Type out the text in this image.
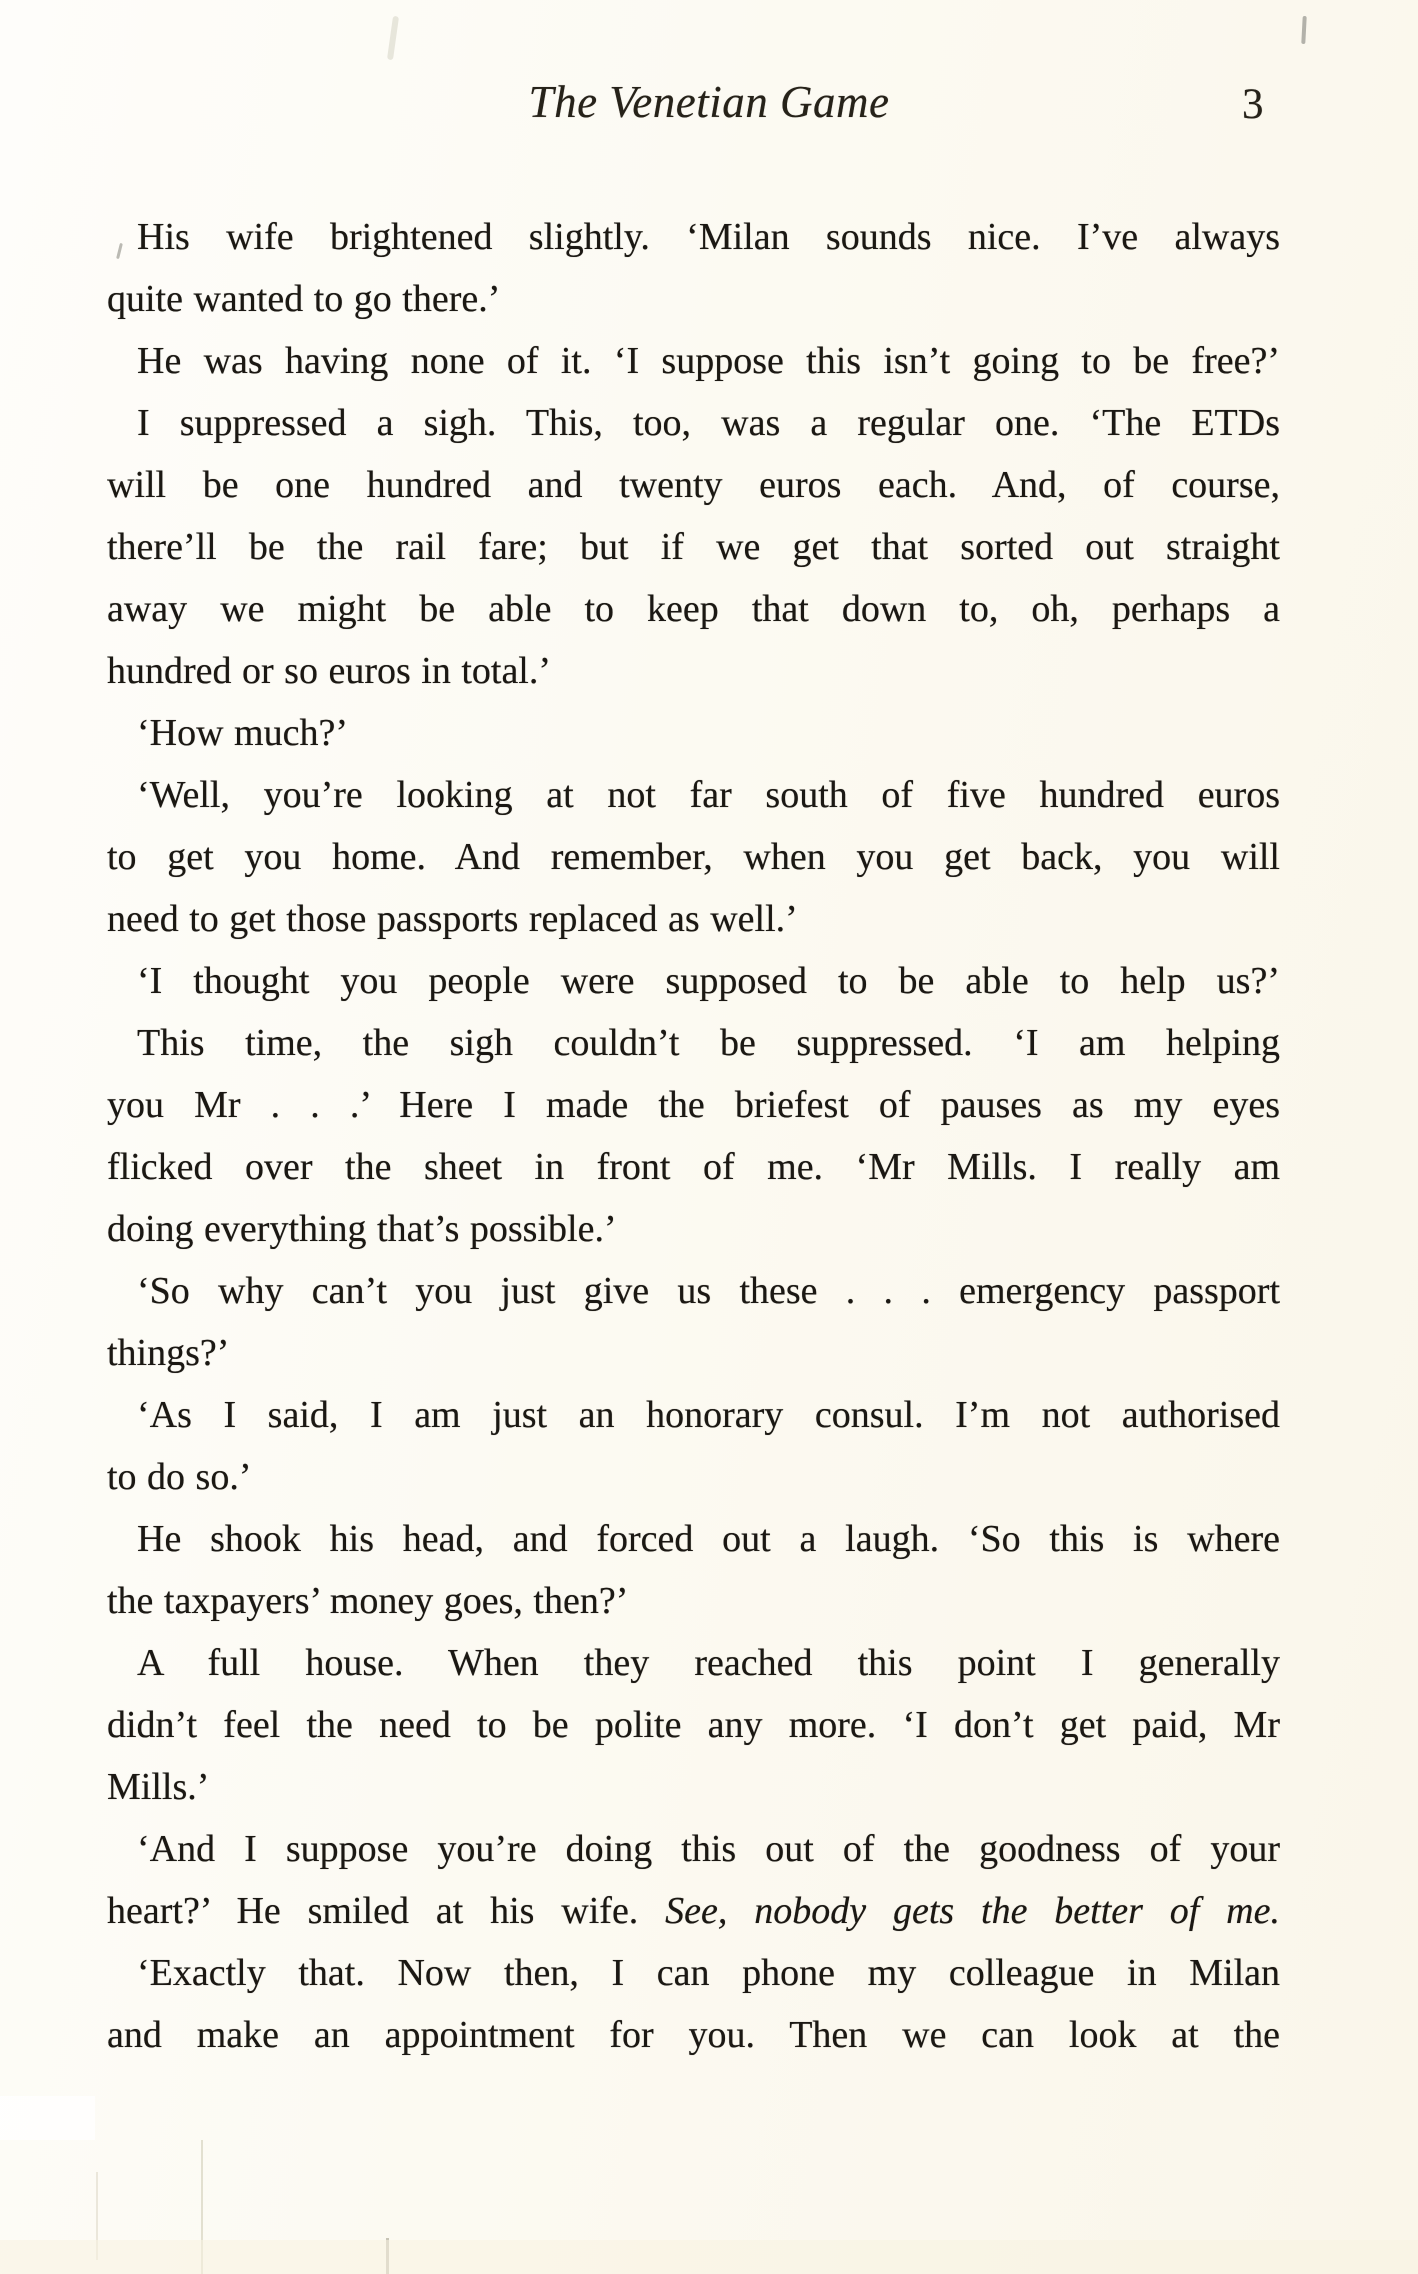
The Venetian Game	3
His wife brightened slightly. ‘Milan sounds nice. I’ve always
quite wanted to go there.’
He was having none of it. ‘I suppose this isn’t going to be free?’
I suppressed a sigh. This, too, was a regular one. ‘The ETDs
will be one hundred and twenty euros each. And, of course,
there’ll be the rail fare; but if we get that sorted out straight
away we might be able to keep that down to, oh, perhaps a
hundred or so euros in total.’
‘How much?’
‘Well, you’re looking at not far south of five hundred euros
to get you home. And remember, when you get back, you will
need to get those passports replaced as well.’
‘I thought you people were supposed to be able to help us?’
This time, the sigh couldn’t be suppressed. ‘I am helping
you Mr . . .’ Here I made the briefest of pauses as my eyes
flicked over the sheet in front of me. ‘Mr Mills. I really am
doing everything that’s possible.’
‘So why can’t you just give us these . . . emergency passport
things?’
‘As I said, I am just an honorary consul. I’m not authorised
to do so.’
He shook his head, and forced out a laugh. ‘So this is where
the taxpayers’ money goes, then?’
A full house. When they reached this point I generally
didn’t feel the need to be polite any more. ‘I don’t get paid, Mr
Mills.’
‘And I suppose you’re doing this out of the goodness of your
heart?’ He smiled at his wife. See, nobody gets the better of me.
‘Exactly that. Now then, I can phone my colleague in Milan
and make an appointment for you. Then we can look at the
